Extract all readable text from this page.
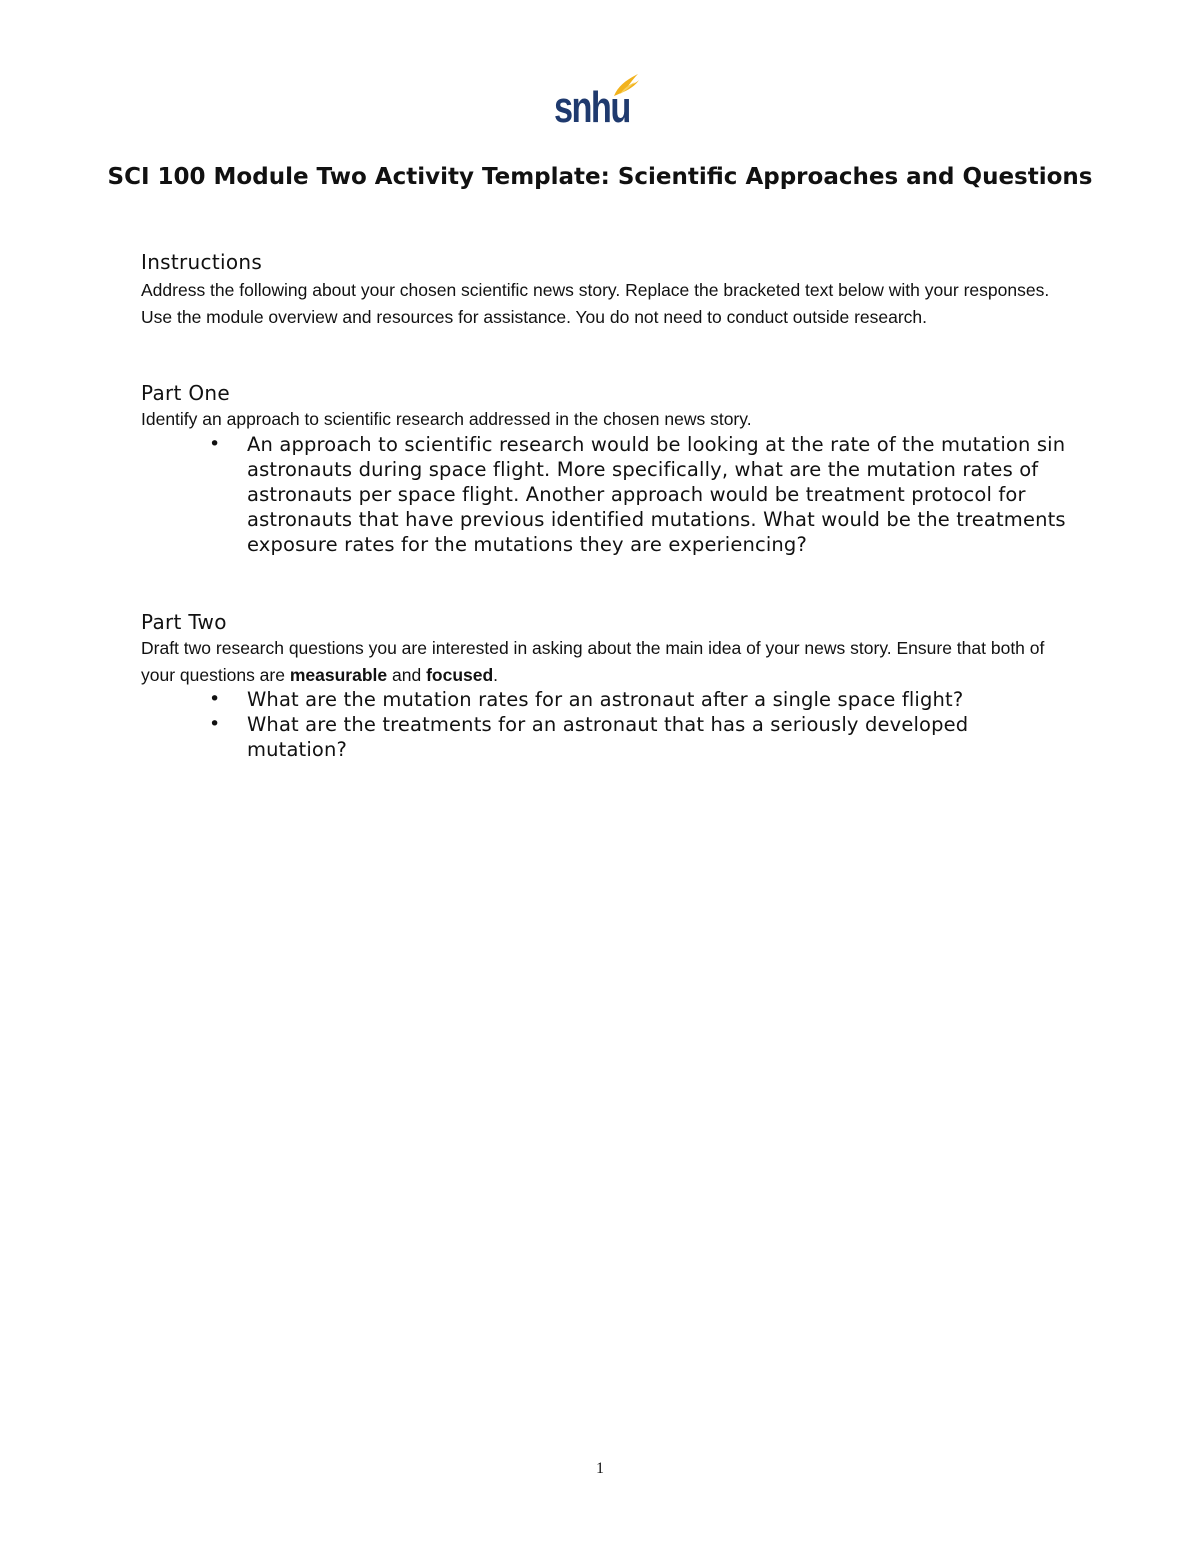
snhu
SCI 100 Module Two Activity Template: Scientific Approaches and Questions
Instructions

Address the following about your chosen scientific news story. Replace the bracketed text below with your responses. Use the module overview and resources for assistance. You do not need to conduct outside research.

Part One

Identify an approach to scientific research addressed in the chosen news story.

• An approach to scientific research would be looking at the rate of the mutation sin astronauts during space flight. More specifically, what are the mutation rates of astronauts per space flight. Another approach would be treatment protocol for astronauts that have previous identified mutations. What would be the treatments exposure rates for the mutations they are experiencing?
Part Two

Draft two research questions you are interested in asking about the main idea of your news story. Ensure that both of your questions are measurable and focused.

• What are the mutation rates for an astronaut after a single space flight?
• What are the treatments for an astronaut that has a seriously developed mutation?
1
